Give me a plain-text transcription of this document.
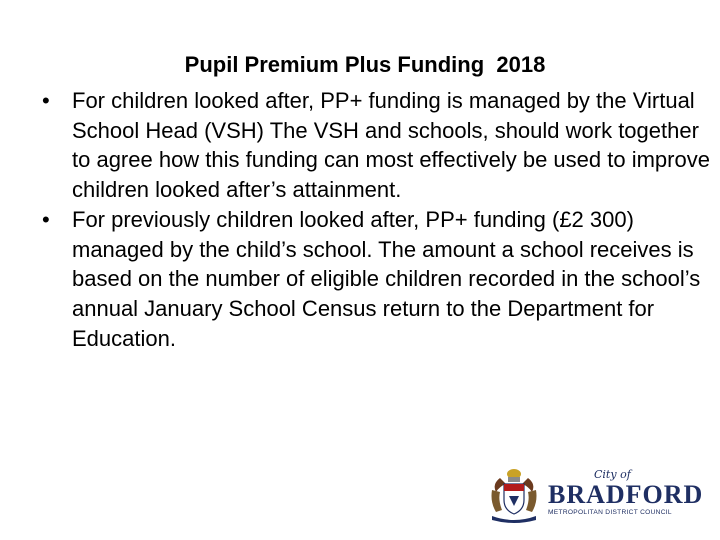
Pupil Premium Plus Funding  2018
• For children looked after, PP+ funding is managed by the Virtual School Head (VSH) The VSH and schools, should work together to agree how this funding can most effectively be used to improve children looked after’s attainment.
• For previously children looked after, PP+ funding (£2 300) managed by the child’s school. The amount a school receives is based on the number of eligible children recorded in the school’s annual January School Census return to the Department for Education.
City of
BRADFORD
METROPOLITAN DISTRICT COUNCIL
